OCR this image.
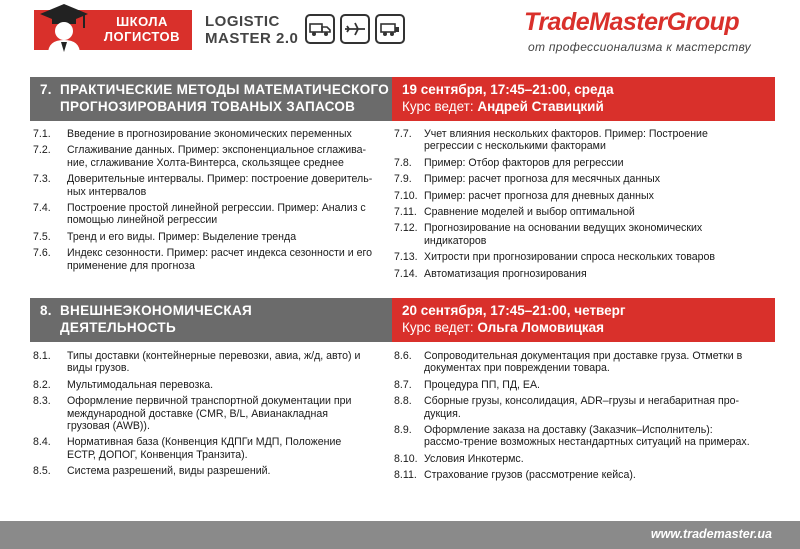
ШКОЛА
ЛОГИСТОВ
LOGISTIC
MASTER 2.0
TradeMasterGroup
от профессионализма к мастерству
7. ПРАКТИЧЕСКИЕ МЕТОДЫ МАТЕМАТИЧЕСКОГО
ПРОГНОЗИРОВАНИЯ ТОВАНЫХ ЗАПАСОВ
19 сентября, 17:45–21:00, среда
Курс ведет: Андрей Ставицкий
7.1. Введение в прогнозирование экономических переменных
7.2. Сглаживание данных. Пример: экспоненциальное сглажива-ние, сглаживание Холта-Винтерса, скользящее среднее
7.3. Доверительные интервалы. Пример: построение доверитель-ных интервалов
7.4. Построение простой линейной регрессии. Пример: Анализ с помощью линейной регрессии
7.5. Тренд и его виды. Пример: Выделение тренда
7.6. Индекс сезонности. Пример: расчет индекса сезонности и его применение для прогноза
7.7. Учет влияния нескольких факторов. Пример: Построение регрессии с несколькими факторами
7.8. Пример: Отбор факторов для регрессии
7.9. Пример: расчет прогноза для месячных данных
7.10. Пример: расчет прогноза для дневных данных
7.11. Сравнение моделей и выбор оптимальной
7.12. Прогнозирование на основании ведущих экономических индикаторов
7.13. Хитрости при прогнозировании спроса нескольких товаров
7.14. Автоматизация прогнозирования
8. ВНЕШНЕЭКОНОМИЧЕСКАЯ
ДЕЯТЕЛЬНОСТЬ
20 сентября, 17:45–21:00, четверг
Курс ведет: Ольга Ломовицкая
8.1. Типы доставки (контейнерные перевозки, авиа, ж/д, авто) и виды грузов.
8.2. Мультимодальная перевозка.
8.3. Оформление первичной транспортной документации при международной доставке (CMR, B/L, Авианакладная грузовая (AWB)).
8.4. Нормативная база (Конвенция КДПГи МДП, Положение ЕСТР, ДОПОГ, Конвенция Транзита).
8.5. Система разрешений, виды разрешений.
8.6. Сопроводительная документация при доставке груза. Отметки в документах при повреждении товара.
8.7. Процедура ПП, ПД, ЕА.
8.8. Сборные грузы, консолидация, ADR–грузы и негабаритная про-дукция.
8.9. Оформление заказа на доставку (Заказчик–Исполнитель): рассмо-трение возможных нестандартных ситуаций на примерах.
8.10. Условия Инкотермс.
8.11. Страхование грузов (рассмотрение кейса).
www.trademaster.ua
